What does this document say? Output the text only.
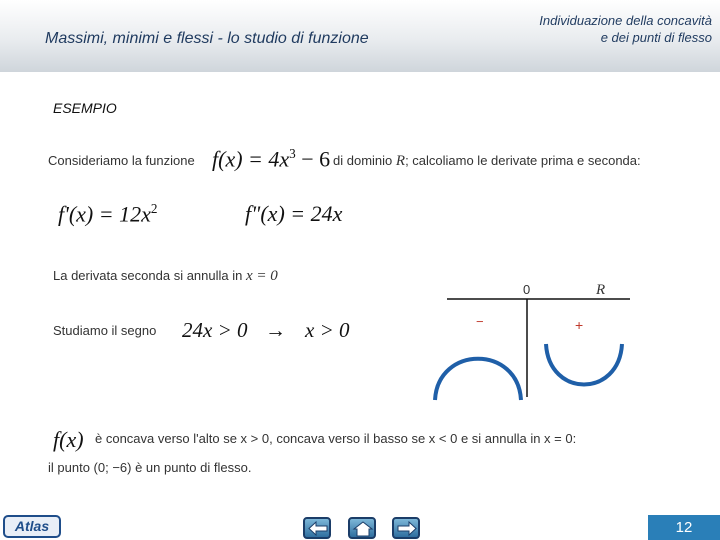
Massimi, minimi e flessi - lo studio di funzione
Individuazione della concavità
e dei punti di flesso
ESEMPIO
Consideriamo la funzione $f(x) = 4x^3 - 6$ di dominio R; calcoliamo le derivate prima e seconda:
$f'(x) = 12x^2$	f"(x) = 24x
La derivata seconda si annulla in x = 0
Studiamo il segno 24x > 0 → x > 0
0	R
−	+
f(x) è concava verso l'alto se x > 0, concava verso il basso se x < 0 e si annulla in x = 0:
il punto (0; −6) è un punto di flesso.
Atlas	12
